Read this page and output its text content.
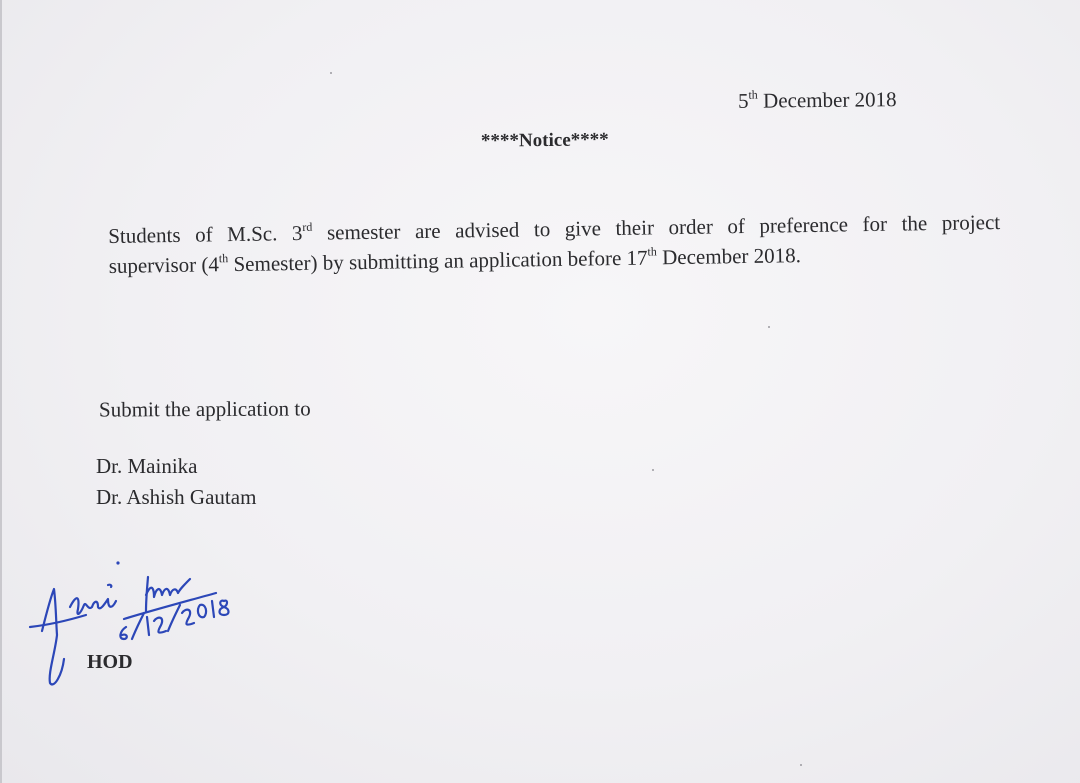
5th December 2018
****Notice****
Students of M.Sc. 3rd semester are advised to give their order of preference for the project
supervisor (4th Semester) by submitting an application before 17th December 2018.
Submit the application to
Dr. Mainika
Dr. Ashish Gautam
HOD
